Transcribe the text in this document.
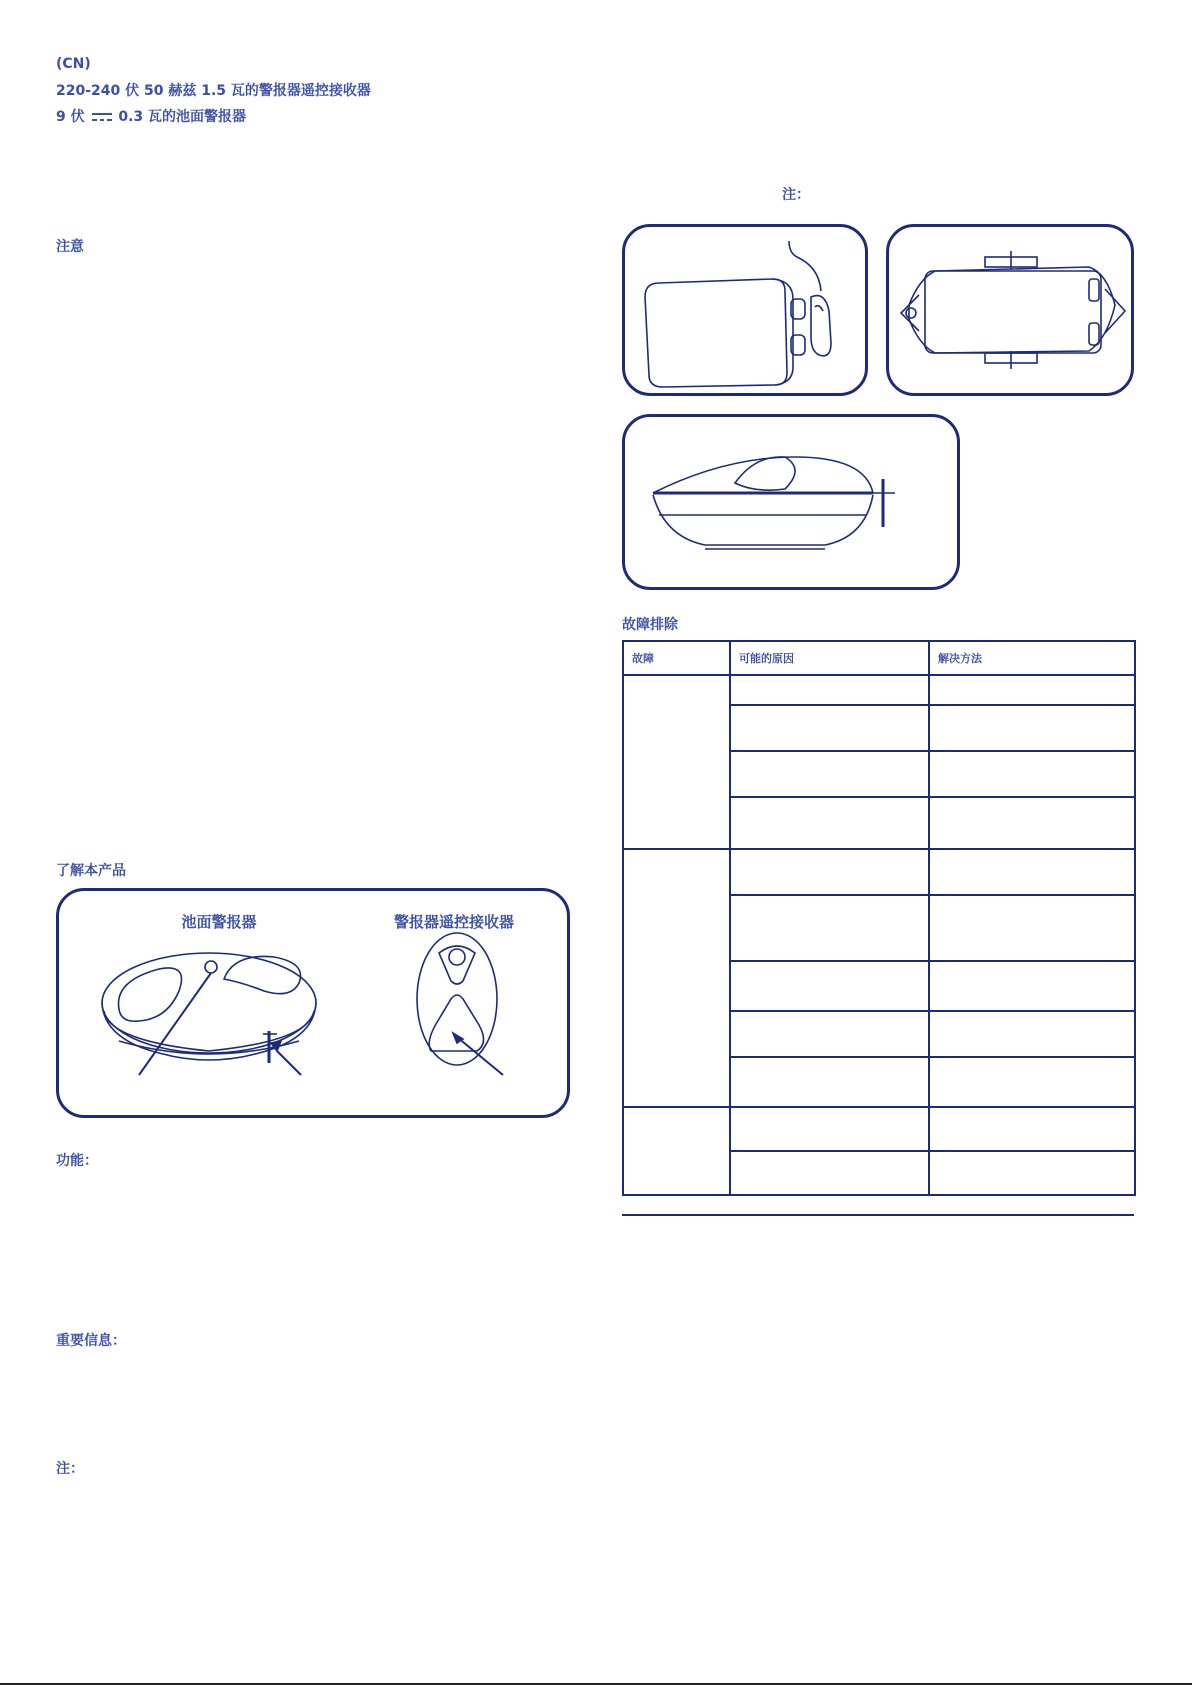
(CN)
220-240 伏 50 赫兹 1.5 瓦的警报器遥控接收器
9 伏 0.3 瓦的池面警报器
注意
了解本产品
池面警报器	警报器遥控接收器
功能：
重要信息：
注：
注：
故障排除
故障	可能的原因	解决方法
